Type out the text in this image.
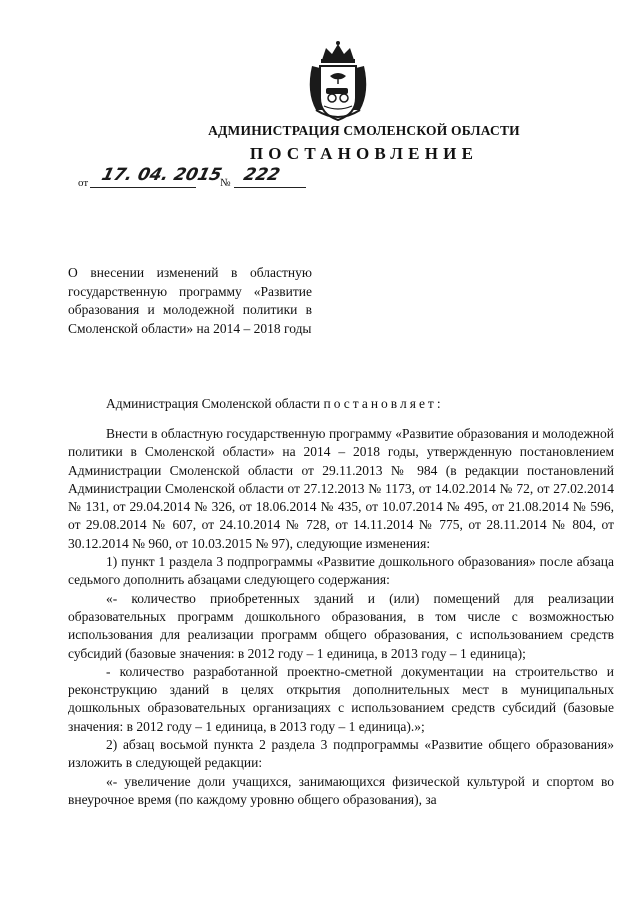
АДМИНИСТРАЦИЯ СМОЛЕНСКОЙ ОБЛАСТИ
ПОСТАНОВЛЕНИЕ
от 17. 04. 2015
№ 222
О внесении изменений в областную государственную программу «Развитие образования и молодежной политики в Смоленской области» на 2014 – 2018 годы

Администрация Смоленской области постановляет:

Внести в областную государственную программу «Развитие образования и молодежной политики в Смоленской области» на 2014 – 2018 годы, утвержденную постановлением Администрации Смоленской области от 29.11.2013 № 984 (в редакции постановлений Администрации Смоленской области от 27.12.2013 № 1173, от 14.02.2014 № 72, от 27.02.2014 № 131, от 29.04.2014 № 326, от 18.06.2014 № 435, от 10.07.2014 № 495, от 21.08.2014 № 596, от 29.08.2014 № 607, от 24.10.2014 № 728, от 14.11.2014 № 775, от 28.11.2014 № 804, от 30.12.2014 № 960, от 10.03.2015 № 97), следующие изменения:

1) пункт 1 раздела 3 подпрограммы «Развитие дошкольного образования» после абзаца седьмого дополнить абзацами следующего содержания:

«- количество приобретенных зданий и (или) помещений для реализации образовательных программ дошкольного образования, в том числе с возможностью использования для реализации программ общего образования, с использованием средств субсидий (базовые значения: в 2012 году – 1 единица, в 2013 году – 1 единица);

- количество разработанной проектно-сметной документации на строительство и реконструкцию зданий в целях открытия дополнительных мест в муниципальных дошкольных образовательных организациях с использованием средств субсидий (базовые значения: в 2012 году – 1 единица, в 2013 году – 1 единица).»;

2) абзац восьмой пункта 2 раздела 3 подпрограммы «Развитие общего образования» изложить в следующей редакции:

«- увеличение доли учащихся, занимающихся физической культурой и спортом во внеурочное время (по каждому уровню общего образования), за
